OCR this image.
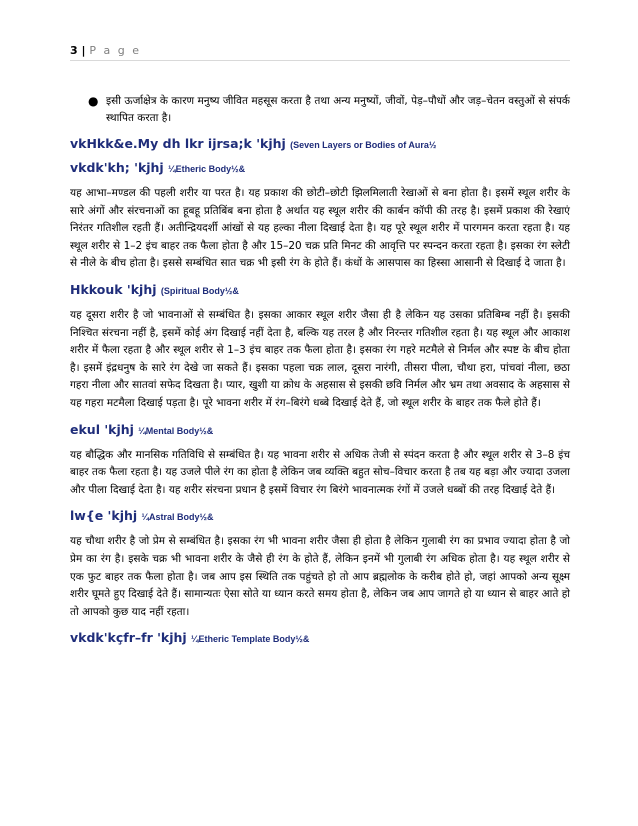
3 | P a g e
● इसी ऊर्जाक्षेत्र के कारण मनुष्य जीवित महसूस करता है तथा अन्य मनुष्यों, जीवों, पेड़–पौधों और जड़–चेतन वस्तुओं से संपर्क स्थापित करता है।
vkHkk&e.My dh lkr ijrsa;k 'kjhj (Seven Layers or Bodies of Aura½
vkdk'kh; 'kjhj ¼Etheric Body½&
यह आभा–मण्डल की पहली शरीर या परत है। यह प्रकाश की छोटी–छोटी झिलमिलाती रेखाओं से बना होता है। इसमें स्थूल शरीर के सारे अंगों और संरचनाओं का हूबहू प्रतिबिंब बना होता है अर्थात यह स्थूल शरीर की कार्बन कॉपी की तरह है। इसमें प्रकाश की रेखाएं निरंतर गतिशील रहती हैं। अतीन्द्रियदर्शी आंखों से यह हल्का नीला दिखाई देता है। यह पूरे स्थूल शरीर में पारगमन करता रहता है। यह स्थूल शरीर से 1–2 इंच बाहर तक फैला होता है और 15–20 चक्र प्रति मिनट की आवृत्ति पर स्पन्दन करता रहता है। इसका रंग स्लेटी से नीले के बीच होता है। इससे सम्बंधित सात चक्र भी इसी रंग के होते हैं। कंधों के आसपास का हिस्सा आसानी से दिखाई दे जाता है।
Hkkouk 'kjhj (Spiritual Body½&
यह दूसरा शरीर है जो भावनाओं से सम्बंधित है। इसका आकार स्थूल शरीर जैसा ही है लेकिन यह उसका प्रतिबिम्ब नहीं है। इसकी निश्चित संरचना नहीं है, इसमें कोई अंग दिखाई नहीं देता है, बल्कि यह तरल है और निरन्तर गतिशील रहता है। यह स्थूल और आकाश शरीर में फैला रहता है और स्थूल शरीर से 1–3 इंच बाहर तक फैला होता है। इसका रंग गहरे मटमैले से निर्मल और स्पष्ट के बीच होता है। इसमें इंद्रधनुष के सारे रंग देखे जा सकते हैं। इसका पहला चक्र लाल, दूसरा नारंगी, तीसरा पीला, चौथा हरा, पांचवां नीला, छठा गहरा नीला और सातवां सफेद दिखता है। प्यार, खुशी या क्रोध के अहसास से इसकी छवि निर्मल और भ्रम तथा अवसाद के अहसास से यह गहरा मटमैला दिखाई पड़ता है। पूरे भावना शरीर में रंग–बिरंगे धब्बे दिखाई देते हैं, जो स्थूल शरीर के बाहर तक फैले होते हैं।
ekul 'kjhj ¼Mental Body½&
यह बौद्धिक और मानसिक गतिविधि से सम्बंधित है। यह भावना शरीर से अधिक तेजी से स्पंदन करता है और स्थूल शरीर से 3–8 इंच बाहर तक फैला रहता है। यह उजले पीले रंग का होता है लेकिन जब व्यक्ति बहुत सोच–विचार करता है तब यह बड़ा और ज्यादा उजला और पीला दिखाई देता है। यह शरीर संरचना प्रधान है इसमें विचार रंग बिरंगे भावनात्मक रंगों में उजले धब्बों की तरह दिखाई देते हैं।
lw{e 'kjhj ¼Astral Body½&
यह चौथा शरीर है जो प्रेम से सम्बंधित है। इसका रंग भी भावना शरीर जैसा ही होता है लेकिन गुलाबी रंग का प्रभाव ज्यादा होता है जो प्रेम का रंग है। इसके चक्र भी भावना शरीर के जैसे ही रंग के होते हैं, लेकिन इनमें भी गुलाबी रंग अधिक होता है। यह स्थूल शरीर से एक फुट बाहर तक फैला होता है। जब आप इस स्थिति तक पहुंचते हो तो आप ब्रह्मलोक के करीब होते हो, जहां आपको अन्य सूक्ष्म शरीर घूमते हुए दिखाई देते हैं। सामान्यतः ऐसा सोते या ध्यान करते समय होता है, लेकिन जब आप जागते हो या ध्यान से बाहर आते हो तो आपको कुछ याद नहीं रहता।
vkdk'kçfr–fr 'kjhj ¼Etheric Template Body½&
